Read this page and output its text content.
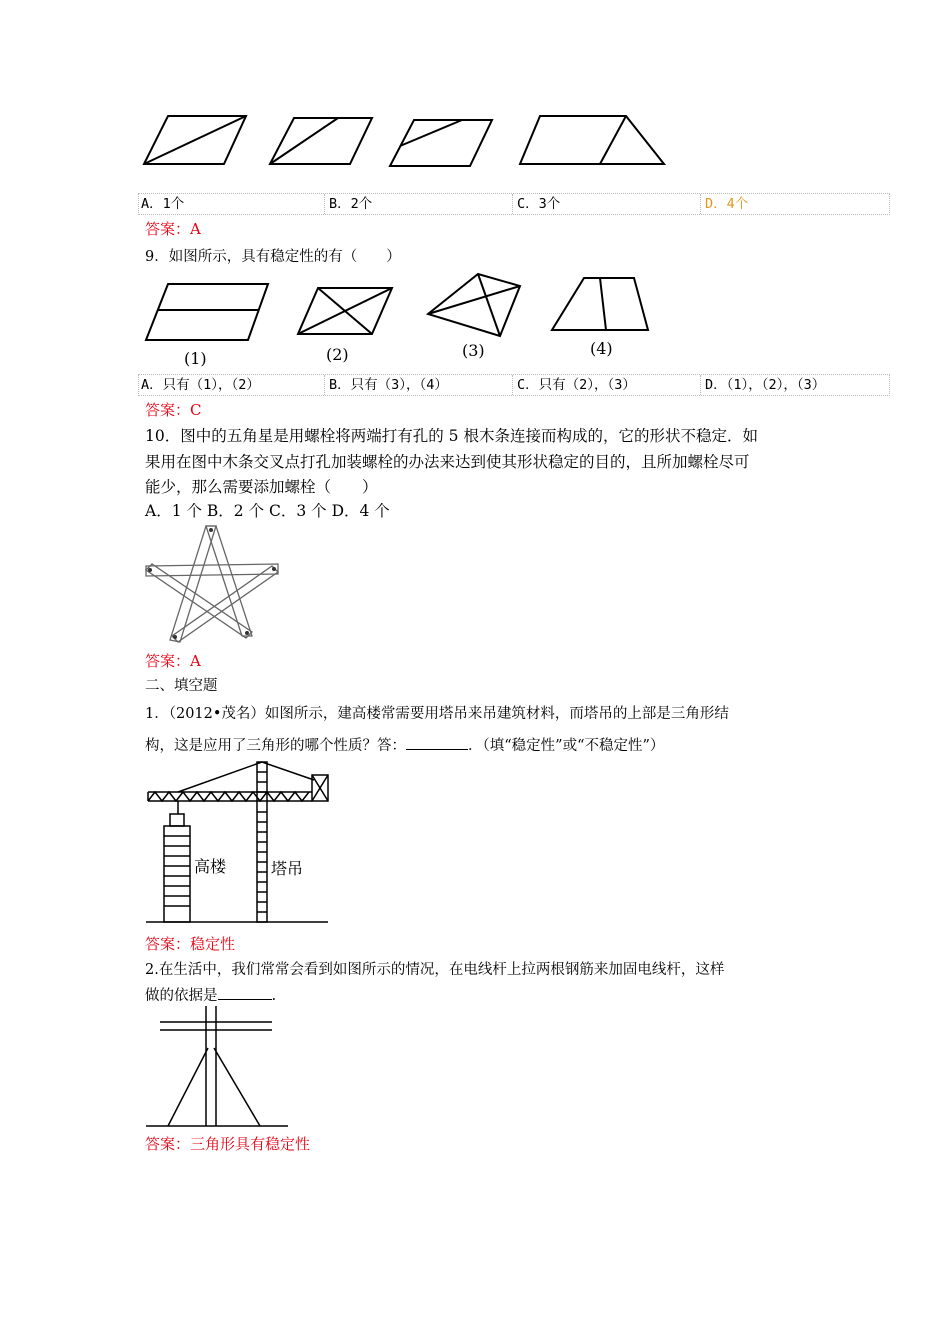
A．1个	B．2个	C．3个	D．4个
答案：A
9．如图所示，具有稳定性的有（　　）
(1)	(2)	(3)	(4)
A．只有（1），（2）	B．只有（3），（4）	C．只有（2），（3）	D．（1），（2），（3）
答案：C
10．图中的五角星是用螺栓将两端打有孔的 5 根木条连接而构成的，它的形状不稳定．如
果用在图中木条交叉点打孔加装螺栓的办法来达到使其形状稳定的目的，且所加螺栓尽可
能少，那么需要添加螺栓（　　）
A．1 个 B．2 个 C．3 个 D．4 个
答案：A
二、填空题
1．（2012•茂名）如图所示，建高楼常需要用塔吊来吊建筑材料，而塔吊的上部是三角形结
构，这是应用了三角形的哪个性质？答：	．（填“稳定性”或“不稳定性”）
高楼	塔吊
答案：稳定性
2.在生活中，我们常常会看到如图所示的情况，在电线杆上拉两根钢筋来加固电线杆，这样
做的依据是	.
答案：三角形具有稳定性
